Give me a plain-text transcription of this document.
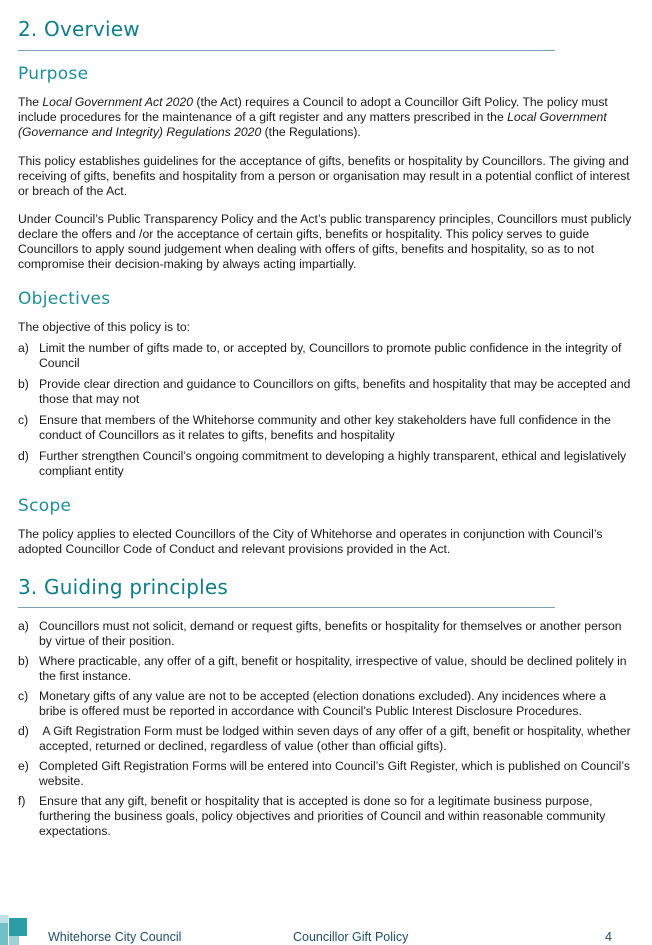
2. Overview
Purpose

The Local Government Act 2020 (the Act) requires a Council to adopt a Councillor Gift Policy. The policy must include procedures for the maintenance of a gift register and any matters prescribed in the Local Government (Governance and Integrity) Regulations 2020 (the Regulations).

This policy establishes guidelines for the acceptance of gifts, benefits or hospitality by Councillors. The giving and receiving of gifts, benefits and hospitality from a person or organisation may result in a potential conflict of interest or breach of the Act.

Under Council’s Public Transparency Policy and the Act’s public transparency principles, Councillors must publicly declare the offers and /or the acceptance of certain gifts, benefits or hospitality. This policy serves to guide Councillors to apply sound judgement when dealing with offers of gifts, benefits and hospitality, so as to not compromise their decision-making by always acting impartially.

Objectives

The objective of this policy is to:

a) Limit the number of gifts made to, or accepted by, Councillors to promote public confidence in the integrity of Council
b) Provide clear direction and guidance to Councillors on gifts, benefits and hospitality that may be accepted and those that may not
c) Ensure that members of the Whitehorse community and other key stakeholders have full confidence in the conduct of Councillors as it relates to gifts, benefits and hospitality
d) Further strengthen Council’s ongoing commitment to developing a highly transparent, ethical and legislatively compliant entity
Scope

The policy applies to elected Councillors of the City of Whitehorse and operates in conjunction with Council’s adopted Councillor Code of Conduct and relevant provisions provided in the Act.

3. Guiding principles
a) Councillors must not solicit, demand or request gifts, benefits or hospitality for themselves or another person by virtue of their position.
b) Where practicable, any offer of a gift, benefit or hospitality, irrespective of value, should be declined politely in the first instance.
c) Monetary gifts of any value are not to be accepted (election donations excluded). Any incidences where a bribe is offered must be reported in accordance with Council’s Public Interest Disclosure Procedures.
d) A Gift Registration Form must be lodged within seven days of any offer of a gift, benefit or hospitality, whether accepted, returned or declined, regardless of value (other than official gifts).
e) Completed Gift Registration Forms will be entered into Council’s Gift Register, which is published on Council’s website.
f) Ensure that any gift, benefit or hospitality that is accepted is done so for a legitimate business purpose, furthering the business goals, policy objectives and priorities of Council and within reasonable community expectations.
Whitehorse City Council	Councillor Gift Policy	4
